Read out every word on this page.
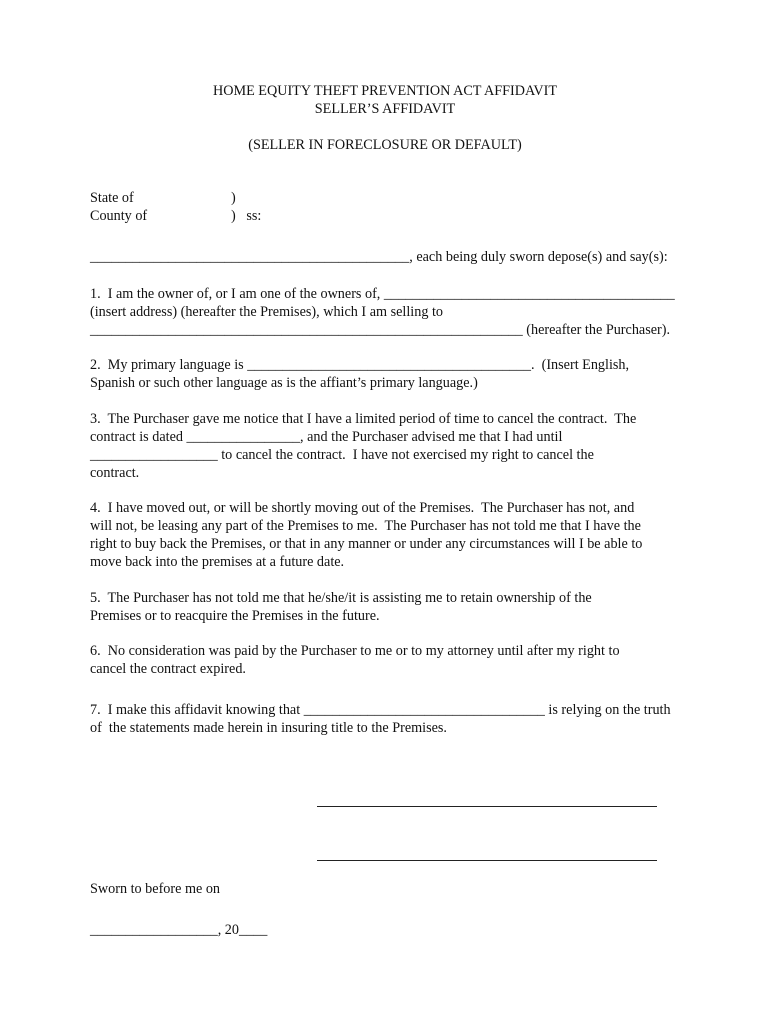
HOME EQUITY THEFT PREVENTION ACT AFFIDAVIT
SELLER’S AFFIDAVIT
(SELLER IN FORECLOSURE OR DEFAULT)
State of	)
County of	)   ss:
_____________________________________________, each being duly sworn depose(s) and say(s):
1.  I am the owner of, or I am one of the owners of, _________________________________________
(insert address) (hereafter the Premises), which I am selling to
_____________________________________________________________ (hereafter the Purchaser).
2.  My primary language is ________________________________________.  (Insert English,
Spanish or such other language as is the affiant’s primary language.)
3.  The Purchaser gave me notice that I have a limited period of time to cancel the contract.  The
contract is dated ________________, and the Purchaser advised me that I had until
__________________ to cancel the contract.  I have not exercised my right to cancel the
contract.
4.  I have moved out, or will be shortly moving out of the Premises.  The Purchaser has not, and
will not, be leasing any part of the Premises to me.  The Purchaser has not told me that I have the
right to buy back the Premises, or that in any manner or under any circumstances will I be able to
move back into the premises at a future date.
5.  The Purchaser has not told me that he/she/it is assisting me to retain ownership of the
Premises or to reacquire the Premises in the future.
6.  No consideration was paid by the Purchaser to me or to my attorney until after my right to
cancel the contract expired.
7.  I make this affidavit knowing that __________________________________ is relying on the truth
of  the statements made herein in insuring title to the Premises.
Sworn to before me on
__________________, 20____
